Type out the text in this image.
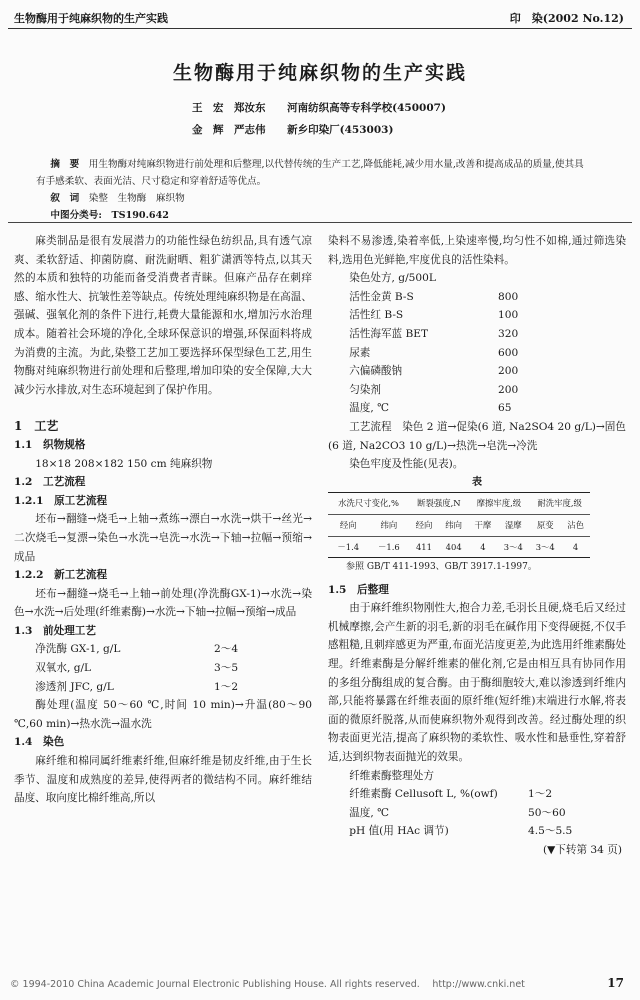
生物酶用于纯麻织物的生产实践	印　染(2002 No.12)
生物酶用于纯麻织物的生产实践
王　宏　郑汝东 河南纺织高等专科学校(450007)
金　辉　严志伟 新乡印染厂(453003)
摘　要　 用生物酶对纯麻织物进行前处理和后整理,以代替传统的生产工艺,降低能耗,减少用水量,改善和提高成品的质量,使其具有手感柔软、表面光洁、尺寸稳定和穿着舒适等优点。
叙　词　 染整　生物酶　麻织物
中图分类号:　 TS190.642

麻类制品是很有发展潜力的功能性绿色纺织品,具有透气凉爽、柔软舒适、抑菌防腐、耐洗耐晒、粗犷潇洒等特点,以其天然的本质和独特的功能而备受消费者青睐。但麻产品存在刺痒感、缩水性大、抗皱性差等缺点。传统处理纯麻织物是在高温、强碱、强氧化剂的条件下进行,耗费大量能源和水,增加污水治理成本。随着社会环境的净化,全球环保意识的增强,环保面料将成为消费的主流。为此,染整工艺加工要选择环保型绿色工艺,用生物酶对纯麻织物进行前处理和后整理,增加印染的安全保障,大大减少污水排放,对生态环境起到了保护作用。

1　工艺
1.1　织物规格
18×18 208×182 150 cm 纯麻织物
1.2　工艺流程
1.2.1　原工艺流程

坯布→翻缝→烧毛→上轴→煮练→漂白→水洗→烘干→丝光→二次烧毛→复漂→染色→水洗→皂洗→水洗→下轴→拉幅→预缩→成品

1.2.2　新工艺流程

坯布→翻缝→烧毛→上轴→前处理(净洗酶GX-1)→水洗→染色→水洗→后处理(纤维素酶)→水洗→下轴→拉幅→预缩→成品

1.3　前处理工艺
净洗酶 GX-1, g/L	2～4
双氧水, g/L	3～5
渗透剂 JFC, g/L	1～2

酶处理(温度 50～60 ℃,时间 10 min)→升温(80～90 ℃,60 min)→热水洗→温水洗

1.4　染色

麻纤维和棉同属纤维素纤维,但麻纤维是韧皮纤维,由于生长季节、温度和成熟度的差异,使得两者的微结构不同。麻纤维结晶度、取向度比棉纤维高,所以

染料不易渗透,染着率低,上染速率慢,均匀性不如棉,通过筛选染料,选用色光鲜艳,牢度优良的活性染料。

染色处方, g/500L
活性金黄 B-S	800
活性红 B-S	100
活性海军蓝 BET	320
尿素	600
六偏磷酸钠	200
匀染剂	200
温度, ℃	65

工艺流程　染色 2 道→促染(6 道, Na2SO4 20 g/L)→固色(6 道, Na2CO3 10 g/L)→热洗→皂洗→冷洗

染色牢度及性能(见表)。
表
水洗尺寸变化,%		断裂强度,N		摩擦牢度,级		耐洗牢度,级	
经向	纬向	经向	纬向	干摩	湿摩	原变	沾色
－1.4	－1.6	411	404	4	3～4	3～4	4
参照 GB/T 411-1993、GB/T 3917.1-1997。
1.5　后整理

由于麻纤维织物刚性大,抱合力差,毛羽长且硬,烧毛后又经过机械摩擦,会产生新的羽毛,新的羽毛在碱作用下变得硬挺,不仅手感粗糙,且刺痒感更为严重,布面光洁度更差,为此选用纤维素酶处理。纤维素酶是分解纤维素的催化剂,它是由相互具有协同作用的多组分酶组成的复合酶。由于酶细胞较大,难以渗透到纤维内部,只能将暴露在纤维表面的原纤维(短纤维)末端进行水解,将表面的微原纤脱落,从而使麻织物外观得到改善。经过酶处理的织物表面更光洁,提高了麻织物的柔软性、吸水性和悬垂性,穿着舒适,达到织物表面抛光的效果。

纤维素酶整理处方
纤维素酶 Cellusoft L, %(owf)	1～2
温度, ℃	50～60
pH 值(用 HAc 调节)	4.5～5.5
(▼下转第 34 页)
© 1994-2010 China Academic Journal Electronic Publishing House. All rights reserved.　 http://www.cnki.net	17
